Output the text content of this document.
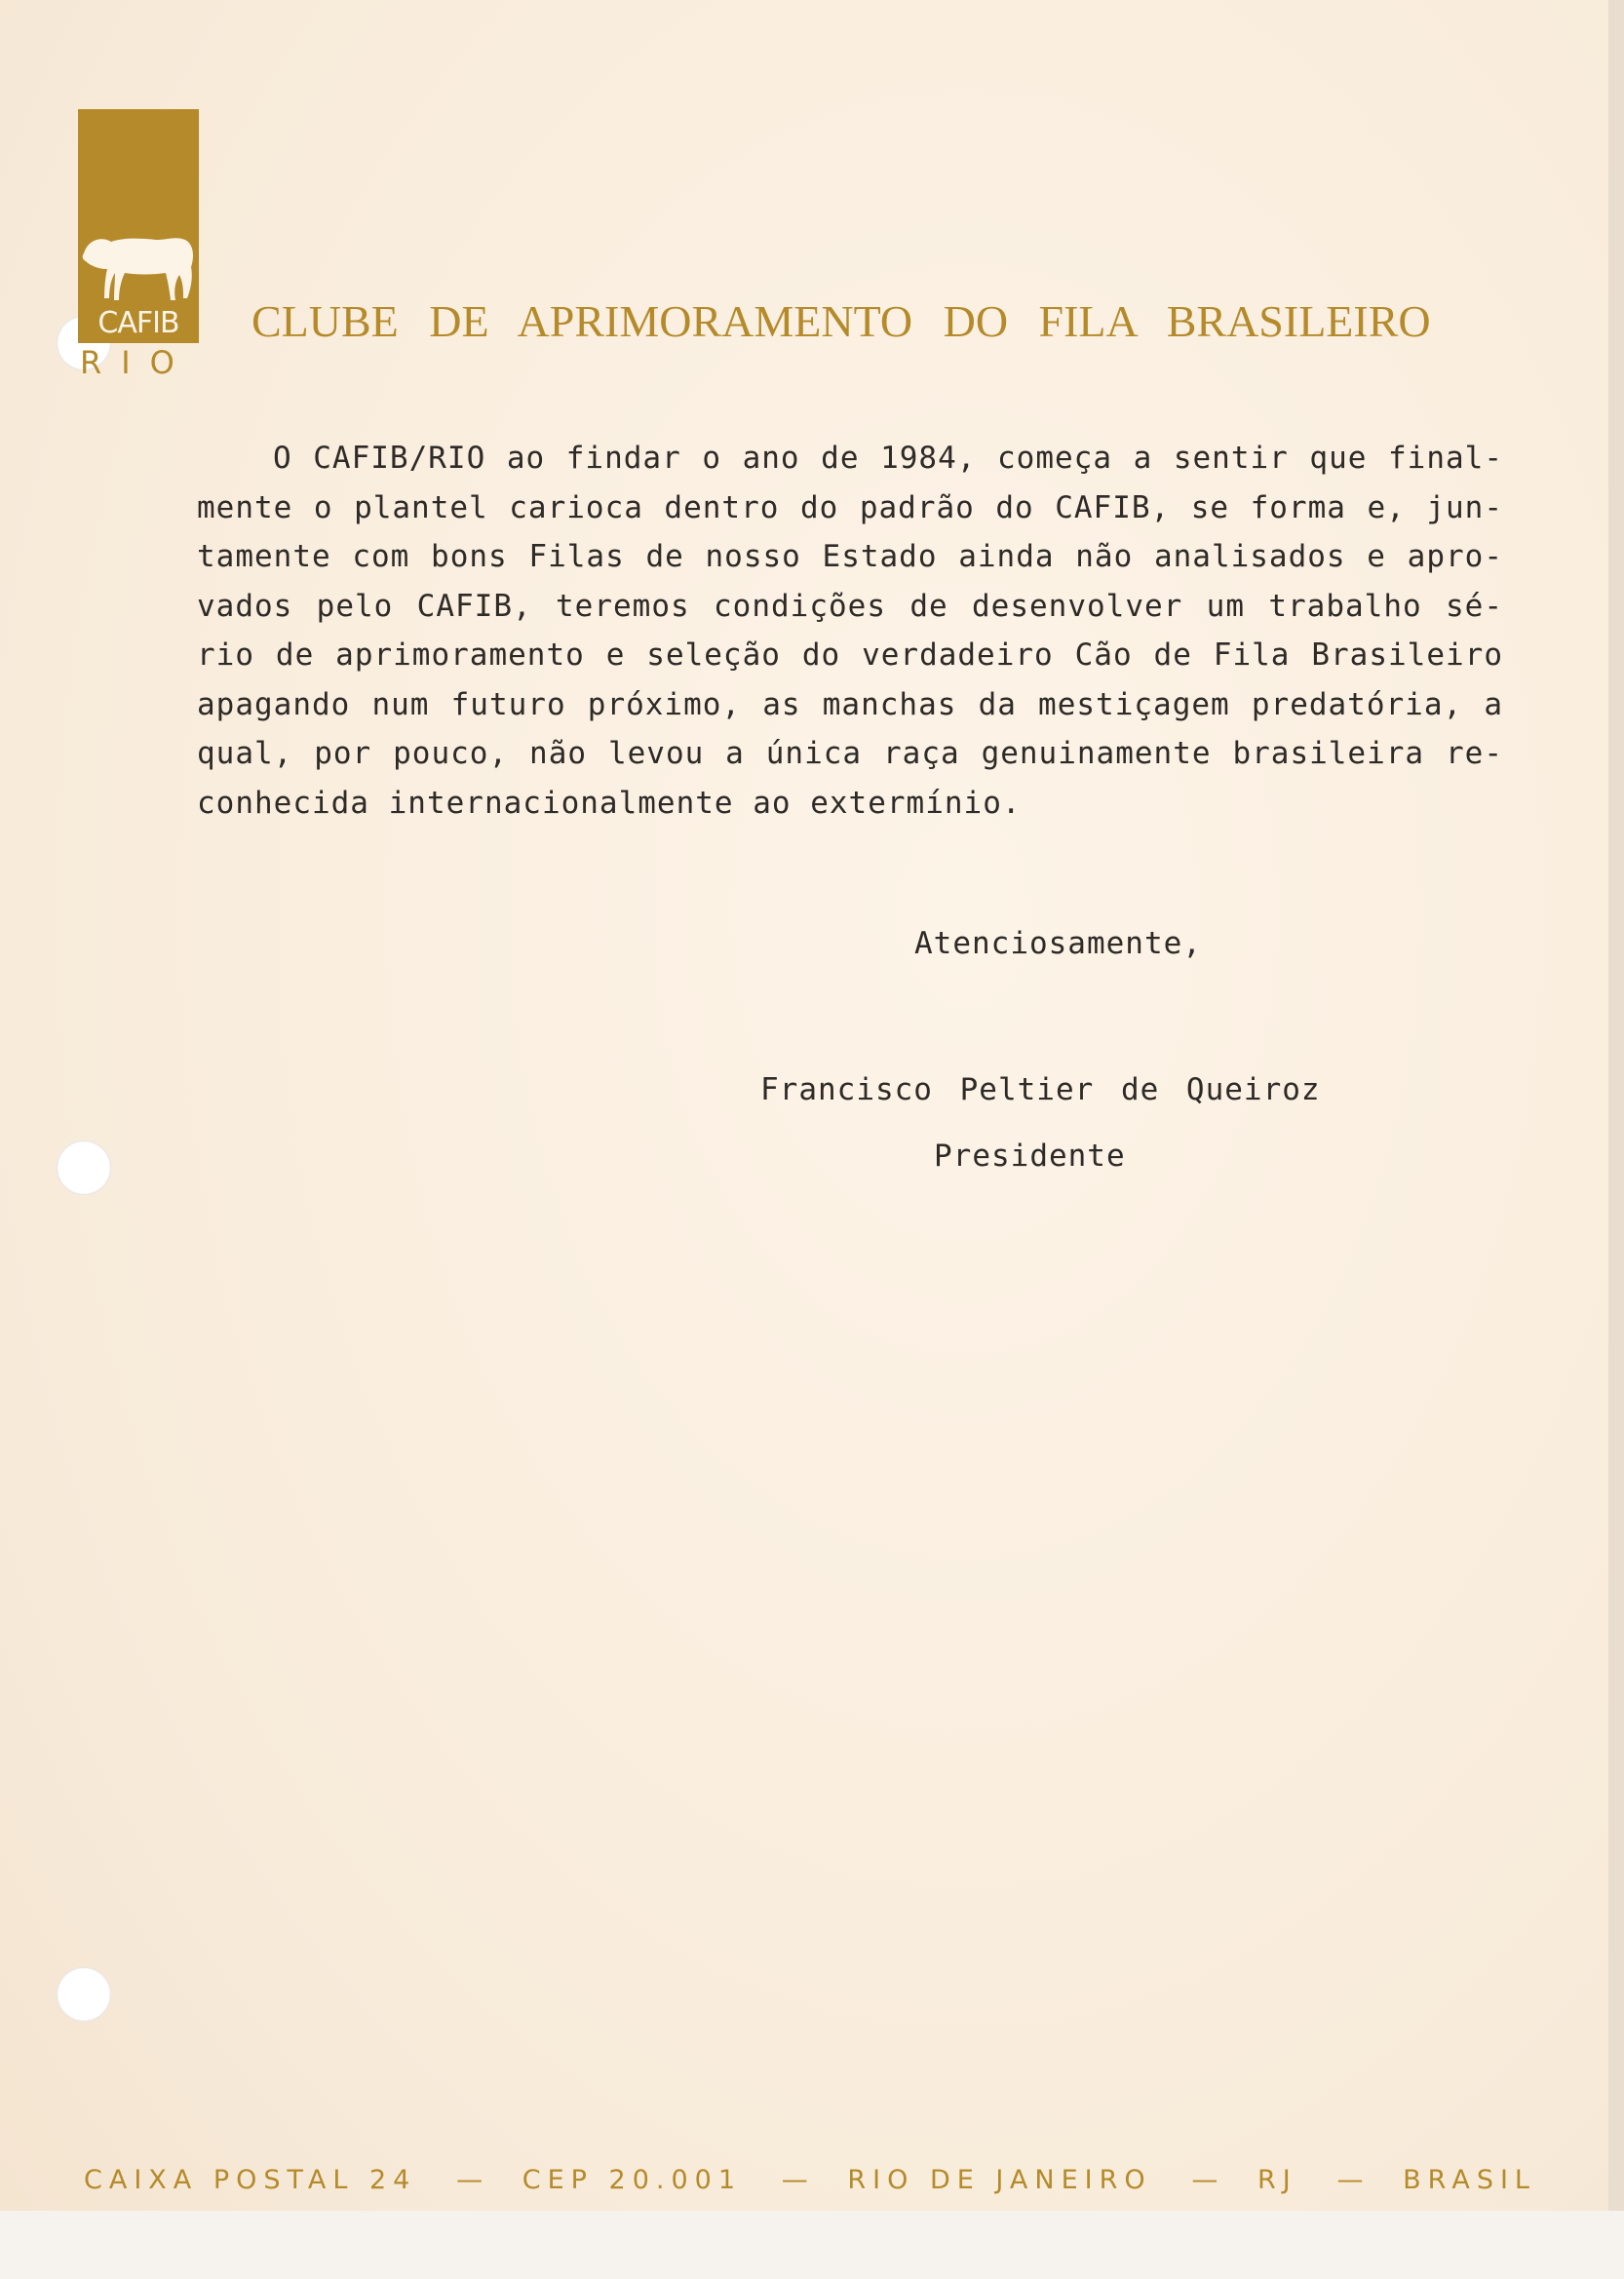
CAFIB
RIO
CLUBE DE APRIMORAMENTO DO FILA BRASILEIRO
O CAFIB/RIO ao findar o ano de 1984, começa a sentir que final-
mente o plantel carioca dentro do padrão do CAFIB, se forma e, jun-
tamente com bons Filas de nosso Estado ainda não analisados e apro-
vados pelo CAFIB, teremos condições de desenvolver um trabalho sé-
rio de aprimoramento e seleção do verdadeiro Cão de Fila Brasileiro
apagando num futuro próximo, as manchas da mestiçagem predatória, a
qual, por pouco, não levou a única raça genuinamente brasileira re-
conhecida internacionalmente ao extermínio.
Atenciosamente,
Francisco Peltier de Queiroz
Presidente
CAIXA POSTAL 24 — CEP 20.001 — RIO DE JANEIRO — RJ — BRASIL
